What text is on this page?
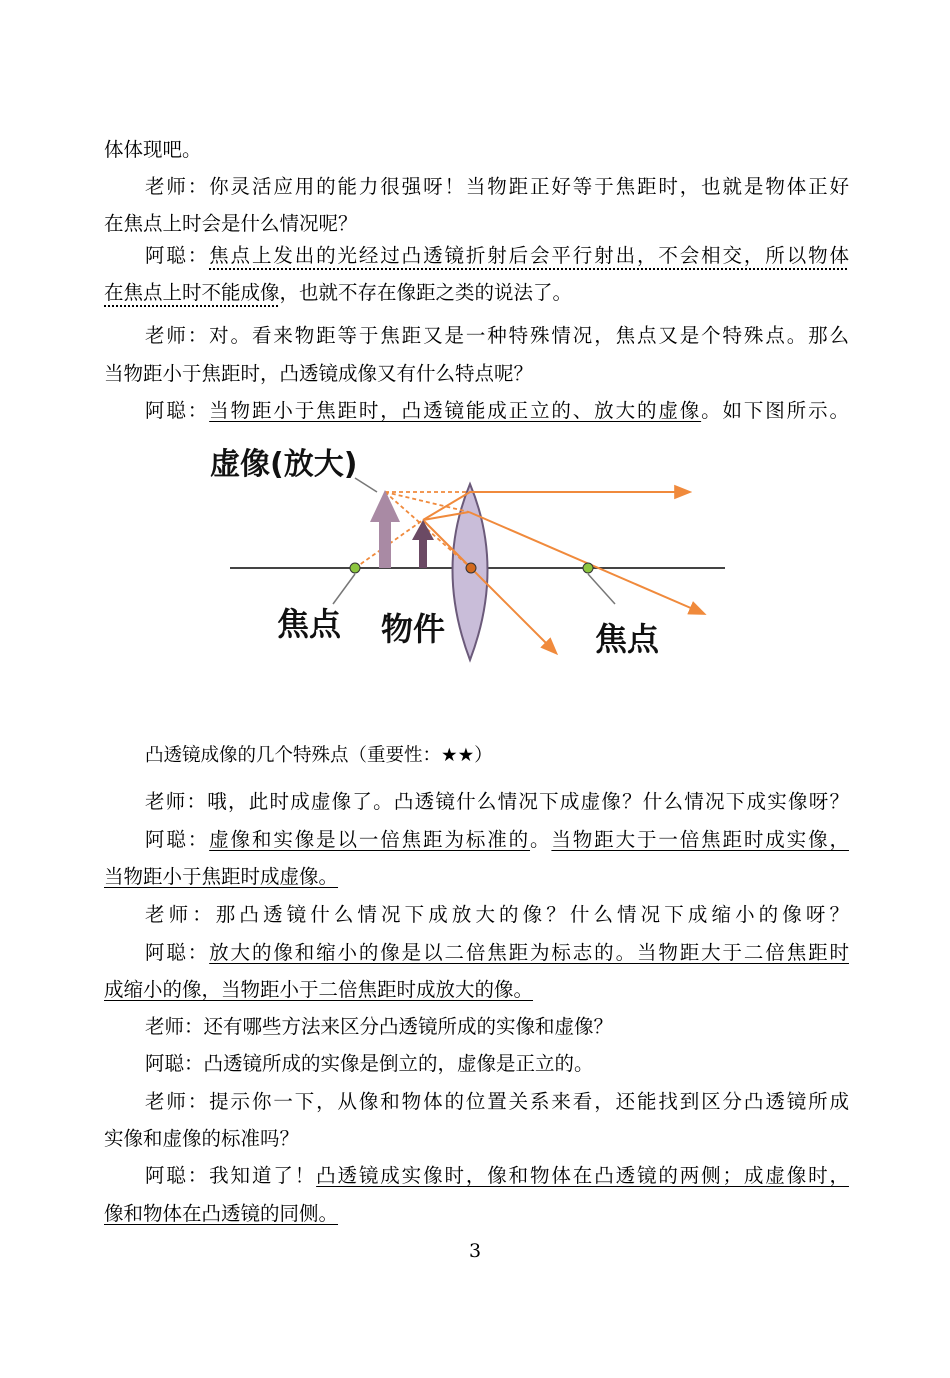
体体现吧。
老师：你灵活应用的能力很强呀！当物距正好等于焦距时，也就是物体正好
在焦点上时会是什么情况呢？
阿聪：焦点上发出的光经过凸透镜折射后会平行射出，不会相交，所以物体
在焦点上时不能成像，也就不存在像距之类的说法了。
老师：对。看来物距等于焦距又是一种特殊情况，焦点又是个特殊点。那么
当物距小于焦距时，凸透镜成像又有什么特点呢？
阿聪：当物距小于焦距时，凸透镜能成正立的、放大的虚像。如下图所示。
虚像(放大)
焦点 物件	焦点
凸透镜成像的几个特殊点（重要性：★★）
老师：哦，此时成虚像了。凸透镜什么情况下成虚像？什么情况下成实像呀？
阿聪：虚像和实像是以一倍焦距为标准的。当物距大于一倍焦距时成实像，
当物距小于焦距时成虚像。
老师：那凸透镜什么情况下成放大的像？什么情况下成缩小的像呀？
阿聪：放大的像和缩小的像是以二倍焦距为标志的。当物距大于二倍焦距时
成缩小的像，当物距小于二倍焦距时成放大的像。
老师：还有哪些方法来区分凸透镜所成的实像和虚像？
阿聪：凸透镜所成的实像是倒立的，虚像是正立的。
老师：提示你一下，从像和物体的位置关系来看，还能找到区分凸透镜所成
实像和虚像的标准吗？
阿聪：我知道了！凸透镜成实像时，像和物体在凸透镜的两侧；成虚像时，
像和物体在凸透镜的同侧。
3
